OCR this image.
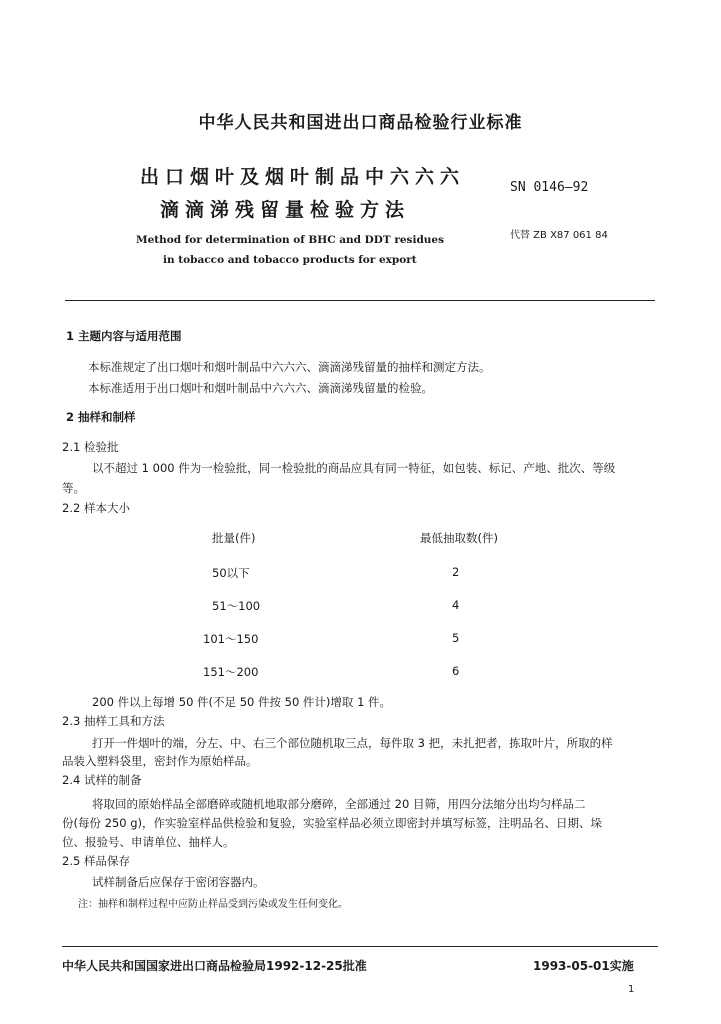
中华人民共和国进出口商品检验行业标准
出口烟叶及烟叶制品中六六六
滴滴涕残留量检验方法
Method for determination of BHC and DDT residues
in tobacco and tobacco products for export
SN 0146—92
代替 ZB X87 061 84
1 主题内容与适用范围
本标准规定了出口烟叶和烟叶制品中六六六、滴滴涕残留量的抽样和测定方法。
本标准适用于出口烟叶和烟叶制品中六六六、滴滴涕残留量的检验。
2 抽样和制样
2.1 检验批
以不超过 1 000 件为一检验批，同一检验批的商品应具有同一特征，如包装、标记、产地、批次、等级
等。
2.2 样本大小
批量(件)	最低抽取数(件)
50以下	2
51～100	4
101～150	5
151～200	6
200 件以上每增 50 件(不足 50 件按 50 件计)增取 1 件。
2.3 抽样工具和方法
打开一件烟叶的端，分左、中、右三个部位随机取三点，每件取 3 把，未扎把者，拣取叶片，所取的样
品装入塑料袋里，密封作为原始样品。
2.4 试样的制备
将取回的原始样品全部磨碎或随机地取部分磨碎，全部通过 20 目筛，用四分法缩分出均匀样品二
份(每份 250 g)，作实验室样品供检验和复验，实验室样品必须立即密封并填写标签，注明品名、日期、垛
位、报验号、申请单位、抽样人。
2.5 样品保存
试样制备后应保存于密闭容器内。
注：抽样和制样过程中应防止样品受到污染或发生任何变化。
中华人民共和国国家进出口商品检验局1992-12-25批准	1993-05-01实施
1
